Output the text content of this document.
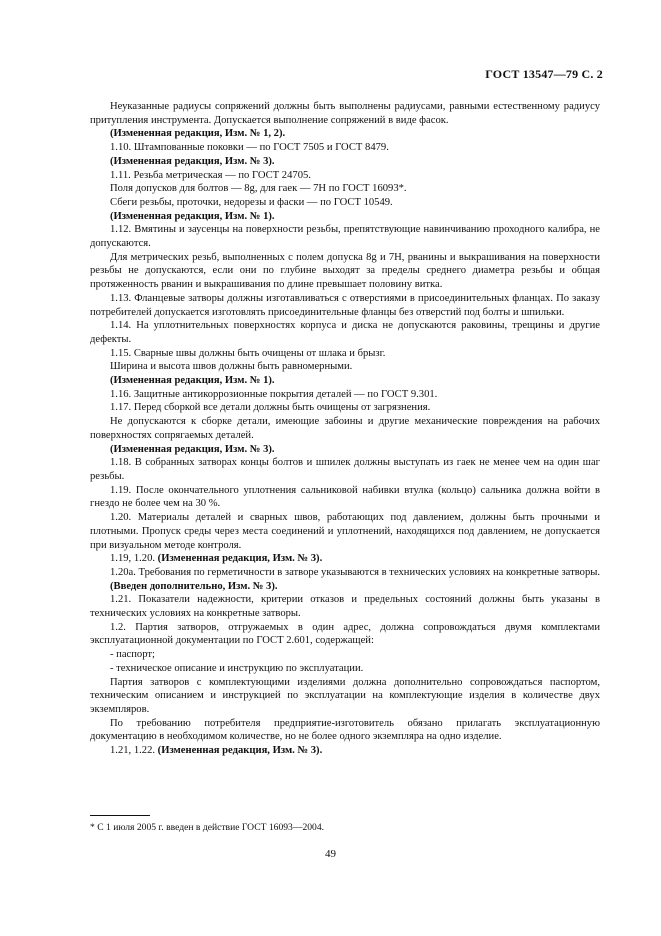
ГОСТ 13547—79 С. 2

Неуказанные радиусы сопряжений должны быть выполнены радиусами, равными естественному радиусу притупления инструмента. Допускается выполнение сопряжений в виде фасок.

(Измененная редакция, Изм. № 1, 2).

1.10. Штампованные поковки — по ГОСТ 7505 и ГОСТ 8479.

(Измененная редакция, Изм. № 3).

1.11. Резьба метрическая — по ГОСТ 24705.

Поля допусков для болтов — 8g, для гаек — 7H по ГОСТ 16093*.

Сбеги резьбы, проточки, недорезы и фаски — по ГОСТ 10549.

(Измененная редакция, Изм. № 1).

1.12. Вмятины и заусенцы на поверхности резьбы, препятствующие навинчиванию проходного калибра, не допускаются.

Для метрических резьб, выполненных с полем допуска 8g и 7H, рванины и выкрашивания на поверхности резьбы не допускаются, если они по глубине выходят за пределы среднего диаметра резьбы и общая протяженность рванин и выкрашивания по длине превышает половину витка.

1.13. Фланцевые затворы должны изготавливаться с отверстиями в присоединительных фланцах. По заказу потребителей допускается изготовлять присоединительные фланцы без отверстий под болты и шпильки.

1.14. На уплотнительных поверхностях корпуса и диска не допускаются раковины, трещины и другие дефекты.

1.15. Сварные швы должны быть очищены от шлака и брызг.

Ширина и высота швов должны быть равномерными.

(Измененная редакция, Изм. № 1).

1.16. Защитные антикоррозионные покрытия деталей — по ГОСТ 9.301.

1.17. Перед сборкой все детали должны быть очищены от загрязнения.

Не допускаются к сборке детали, имеющие забоины и другие механические повреждения на рабочих поверхностях сопрягаемых деталей.

(Измененная редакция, Изм. № 3).

1.18. В собранных затворах концы болтов и шпилек должны выступать из гаек не менее чем на один шаг резьбы.

1.19. После окончательного уплотнения сальниковой набивки втулка (кольцо) сальника должна войти в гнездо не более чем на 30 %.

1.20. Материалы деталей и сварных швов, работающих под давлением, должны быть прочными и плотными. Пропуск среды через места соединений и уплотнений, находящихся под давлением, не допускается при визуальном методе контроля.

1.19, 1.20. (Измененная редакция, Изм. № 3).

1.20а. Требования по герметичности в затворе указываются в технических условиях на конкретные затворы.

(Введен дополнительно, Изм. № 3).

1.21. Показатели надежности, критерии отказов и предельных состояний должны быть указаны в технических условиях на конкретные затворы.

1.2. Партия затворов, отгружаемых в один адрес, должна сопровождаться двумя комплектами эксплуатационной документации по ГОСТ 2.601, содержащей:

- паспорт;

- техническое описание и инструкцию по эксплуатации.

Партия затворов с комплектующими изделиями должна дополнительно сопровождаться паспортом, техническим описанием и инструкцией по эксплуатации на комплектующие изделия в количестве двух экземпляров.

По требованию потребителя предприятие-изготовитель обязано прилагать эксплуатационную документацию в необходимом количестве, но не более одного экземпляра на одно изделие.

1.21, 1.22. (Измененная редакция, Изм. № 3).

* С 1 июля 2005 г. введен в действие ГОСТ 16093—2004.
49
